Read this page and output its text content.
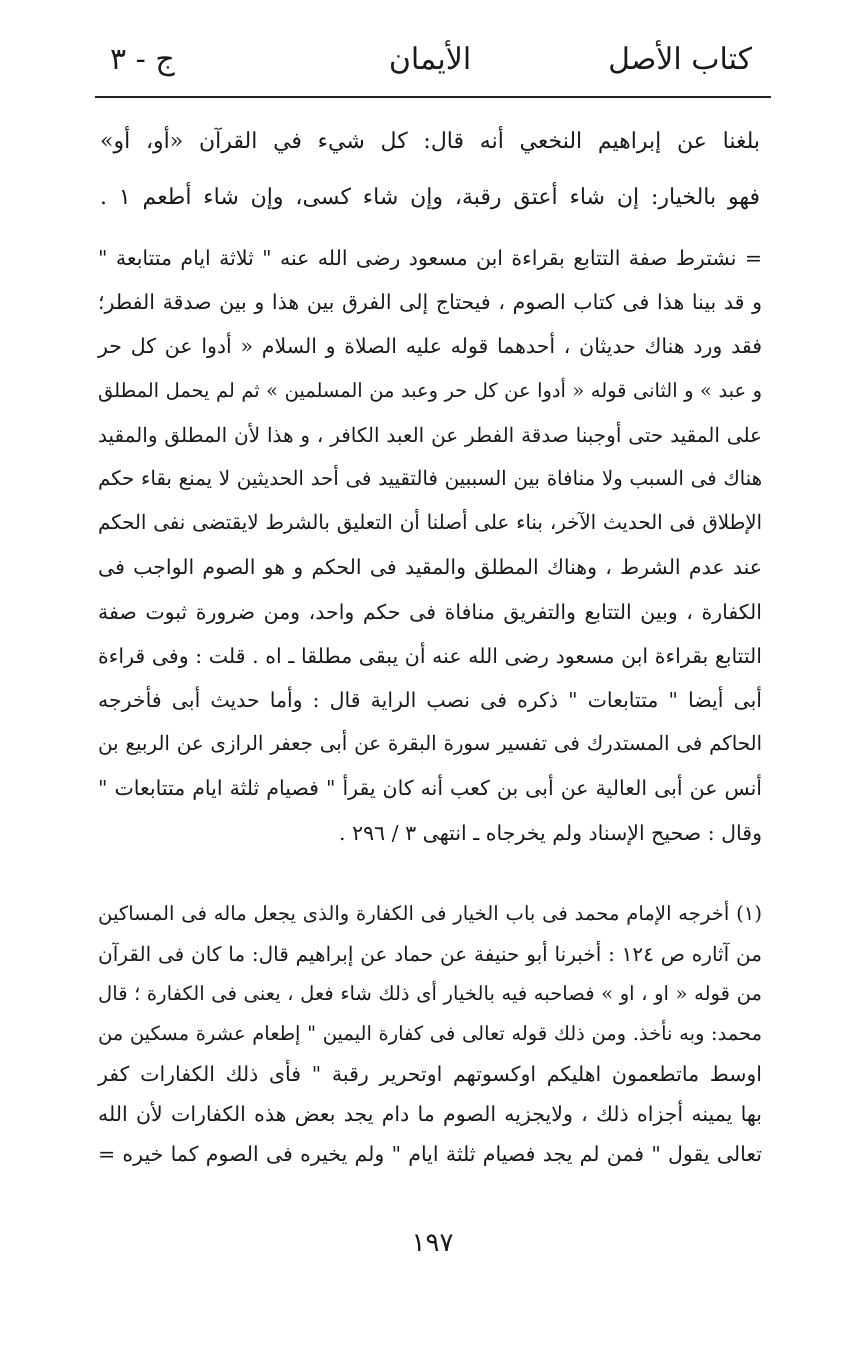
كتاب الأصل
الأيمان
ج - ٣
بلغنا عن إبراهيم النخعي أنه قال: كل شيء في القرآن «أو، أو»
فهو بالخيار: إن شاء أعتق رقبة، وإن شاء كسى، وإن شاء أطعم ١ .
= نشترط صفة التتابع بقراءة ابن مسعود رضى الله عنه " ثلاثة ايام متتابعة "
و قد بينا هذا فى كتاب الصوم ، فيحتاج إلى الفرق بين هذا و بين صدقة الفطر؛
فقد ورد هناك حديثان ، أحدهما قوله عليه الصلاة و السلام « أدوا عن كل حر
و عبد » و الثانى قوله « أدوا عن كل حر وعبد من المسلمين » ثم لم يحمل المطلق
على المقيد حتى أوجبنا صدقة الفطر عن العبد الكافر ، و هذا لأن المطلق والمقيد
هناك فى السبب ولا منافاة بين السببين فالتقييد فى أحد الحديثين لا يمنع بقاء حكم
الإطلاق فى الحديث الآخر، بناء على أصلنا أن التعليق بالشرط لايقتضى نفى الحكم
عند عدم الشرط ، وهناك المطلق والمقيد فى الحكم و هو الصوم الواجب فى
الكفارة ، وبين التتابع والتفريق منافاة فى حكم واحد، ومن ضرورة ثبوت صفة
التتابع بقراءة ابن مسعود رضى الله عنه أن يبقى مطلقا ـ اه . قلت : وفى قراءة
أبى أيضا " متتابعات " ذكره فى نصب الراية قال : وأما حديث أبى فأخرجه
الحاكم فى المستدرك فى تفسير سورة البقرة عن أبى جعفر الرازى عن الربيع بن
أنس عن أبى العالية عن أبى بن كعب أنه كان يقرأ " فصيام ثلثة ايام متتابعات "
وقال : صحيح الإسناد ولم يخرجاه ـ انتهى ٣ / ٢٩٦ .
(١) أخرجه الإمام محمد فى باب الخيار فى الكفارة والذى يجعل ماله فى المساكين
من آثاره ص ١٢٤ : أخبرنا أبو حنيفة عن حماد عن إبراهيم قال: ما كان فى القرآن
من قوله « او ، او » فصاحبه فيه بالخيار أى ذلك شاء فعل ، يعنى فى الكفارة ؛ قال
محمد: وبه نأخذ. ومن ذلك قوله تعالى فى كفارة اليمين " إطعام عشرة مسكين من
اوسط ماتطعمون اهليكم اوكسوتهم اوتحرير رقبة " فأى ذلك الكفارات كفر
بها يمينه أجزاه ذلك ، ولايجزيه الصوم ما دام يجد بعض هذه الكفارات لأن الله
تعالى يقول " فمن لم يجد فصيام ثلثة ايام " ولم يخيره فى الصوم كما خيره =
١٩٧
